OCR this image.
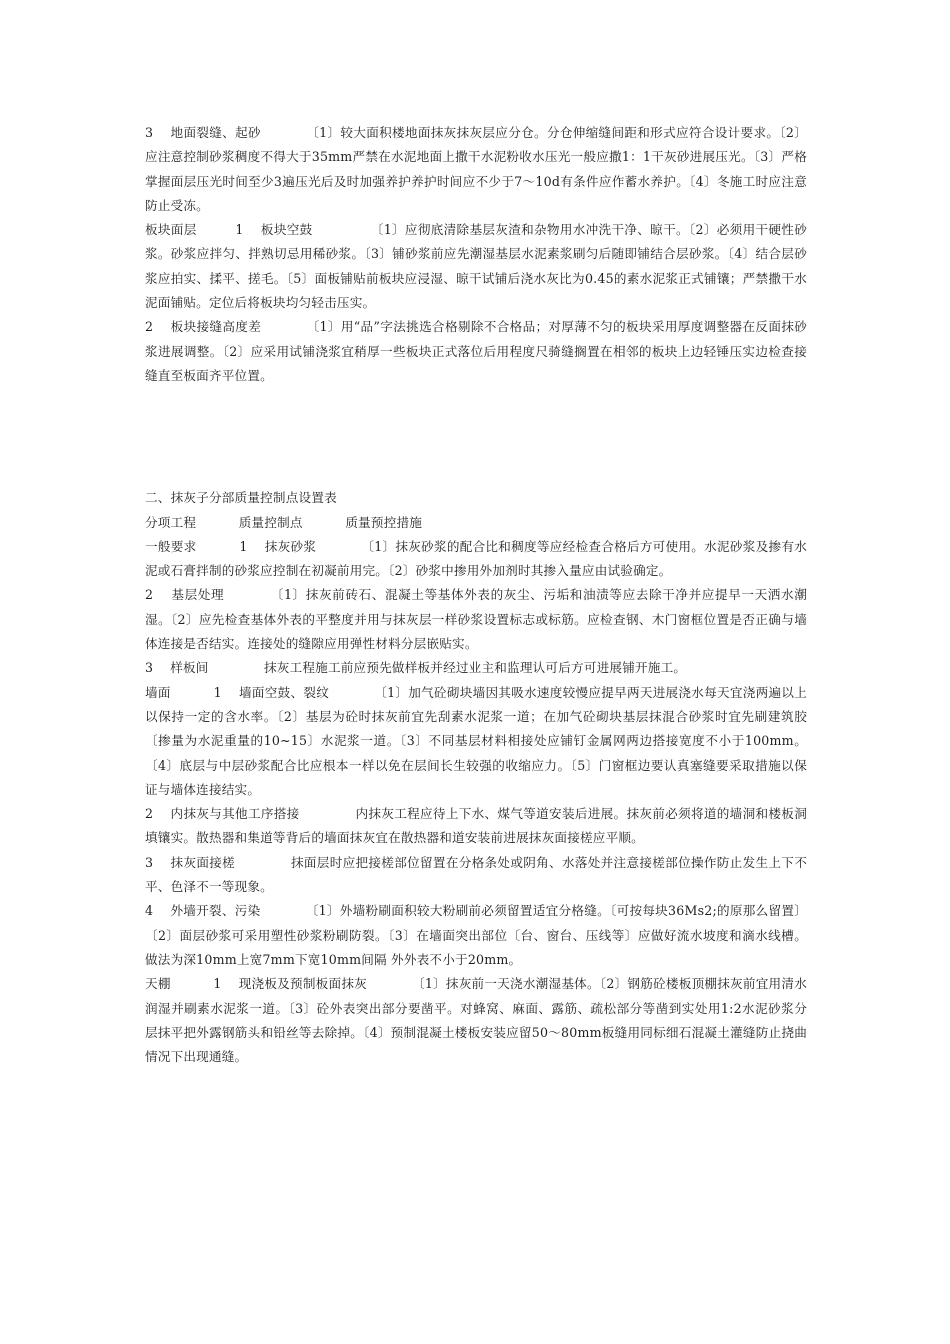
3　 地面裂缝、起砂　　　　〔1〕较大面积楼地面抹灰抹灰层应分仓。分仓伸缩缝间距和形式应符合设计要求。〔2〕应注意控制砂浆稠度不得大于35mm严禁在水泥地面上撒干水泥粉收水压光一般应撒1：1干灰砂进展压光。〔3〕严格掌握面层压光时间至少3遍压光后及时加强养护养护时间应不少于7～10d有条件应作蓄水养护。〔4〕冬施工时应注意防止受冻。

板块面层　　　1　 板块空鼓　　　　　〔1〕应彻底清除基层灰渣和杂物用水冲洗干净、晾干。〔2〕必须用干硬性砂浆。砂浆应拌匀、拌熟切忌用稀砂浆。〔3〕铺砂浆前应先潮湿基层水泥素浆刷匀后随即铺结合层砂浆。〔4〕结合层砂浆应拍实、揉平、搓毛。〔5〕面板铺贴前板块应浸湿、晾干试铺后浇水灰比为0.45的素水泥浆正式铺镶；严禁撒干水泥面铺贴。定位后将板块均匀轻击压实。

2　 板块接缝高度差　　　　〔1〕用“品”字法挑选合格剔除不合格品；对厚薄不匀的板块采用厚度调整器在反面抹砂浆进展调整。〔2〕应采用试铺浇浆宜稍厚一些板块正式落位后用程度尺骑缝搁置在相邻的板块上边轻锤压实边检查接缝直至板面齐平位置。

二、抹灰子分部质量控制点设置表

分项工程　　　 质量控制点　　　 质量预控措施

一般要求　　　 1　 抹灰砂浆　　　　〔1〕抹灰砂浆的配合比和稠度等应经检查合格后方可使用。水泥砂浆及掺有水泥或石膏拌制的砂浆应控制在初凝前用完。〔2〕砂浆中掺用外加剂时其掺入量应由试验确定。

2　 基层处理　　　　〔1〕抹灰前砖石、混凝土等基体外表的灰尘、污垢和油渍等应去除干净并应提早一天洒水潮湿。〔2〕应先检查基体外表的平整度并用与抹灰层一样砂浆设置标志或标筋。应检查钢、木门窗框位置是否正确与墙体连接是否结实。连接处的缝隙应用弹性材料分层嵌贴实。

3　 样板间　　　　 抹灰工程施工前应预先做样板并经过业主和监理认可后方可进展铺开施工。

墙面　　　 1　 墙面空鼓、裂纹　　　　〔1〕加气砼砌块墙因其吸水速度较慢应提早两天进展浇水每天宜浇两遍以上以保持一定的含水率。〔2〕基层为砼时抹灰前宜先刮素水泥浆一道；在加气砼砌块基层抹混合砂浆时宜先刷建筑胶〔掺量为水泥重量的10~15〕水泥浆一道。〔3〕不同基层材料相接处应铺钉金属网两边搭接宽度不小于100mm。〔4〕底层与中层砂浆配合比应根本一样以免在层间长生较强的收缩应力。〔5〕门窗框边要认真塞缝要采取措施以保证与墙体连接结实。

2　 内抹灰与其他工序搭接　　　　 内抹灰工程应待上下水、煤气等道安装后进展。抹灰前必须将道的墙洞和楼板洞填镶实。散热器和集道等背后的墙面抹灰宜在散热器和道安装前进展抹灰面接槎应平顺。

3　 抹灰面接槎　　　　 抹面层时应把接槎部位留置在分格条处或阴角、水落处并注意接槎部位操作防止发生上下不平、色泽不一等现象。

4　 外墙开裂、污染　　　　〔1〕外墙粉刷面积较大粉刷前必须留置适宜分格缝。〔可按每块36Ms2;的原那么留置〕〔2〕面层砂浆可采用塑性砂浆粉刷防裂。〔3〕在墙面突出部位〔台、窗台、压线等〕应做好流水坡度和滴水线槽。做法为深10mm上宽7mm下宽10mm间隔 外外表不小于20mm。

天棚　　　 1　 现浇板及预制板面抹灰　　　　〔1〕抹灰前一天浇水潮湿基体。〔2〕钢筋砼楼板顶棚抹灰前宜用清水润湿并刷素水泥浆一道。〔3〕砼外表突出部分要凿平。对蜂窝、麻面、露筋、疏松部分等凿到实处用1:2水泥砂浆分层抹平把外露钢筋头和铅丝等去除掉。〔4〕预制混凝土楼板安装应留50～80mm板缝用同标细石混凝土灌缝防止挠曲情况下出现通缝。
